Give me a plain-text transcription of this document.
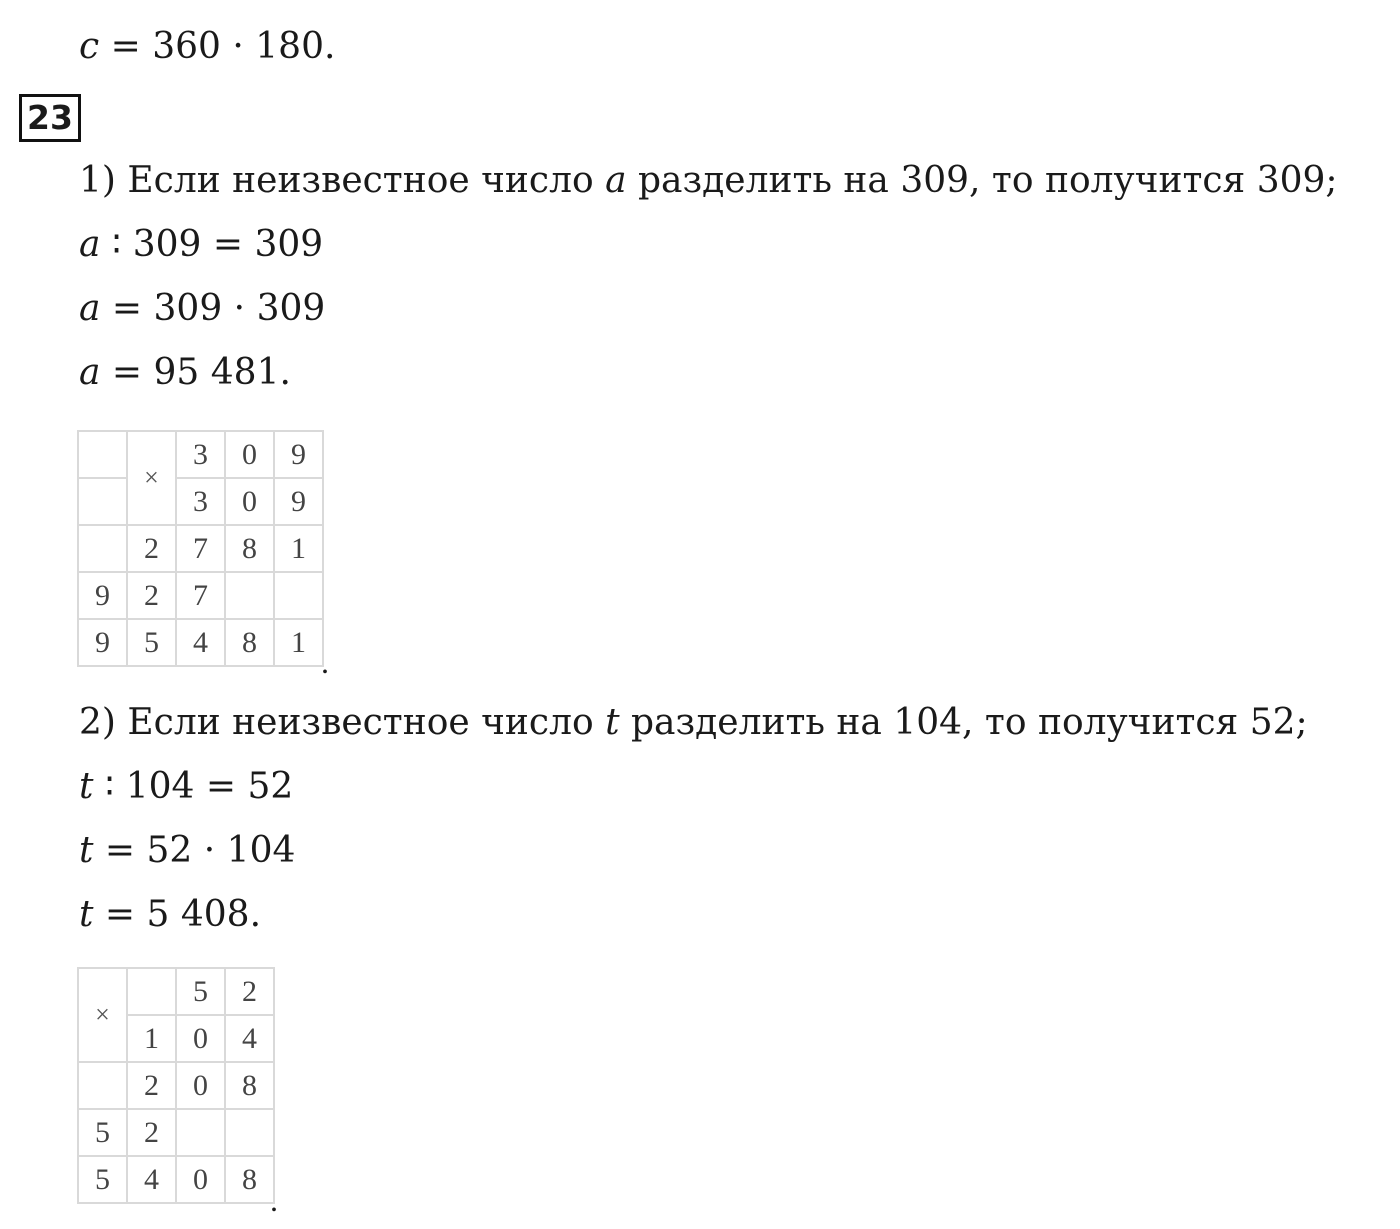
c = 360 · 180.
23
1) Если неизвестное число a разделить на 309, то получится 309;
a ∶ 309 = 309
a = 309 · 309
a = 95 481.
	×	3	0	9
		3	0	9
	2	7	8	1
9	2	7		
9	5	4	8	1
.
2) Если неизвестное число t разделить на 104, то получится 52;
t ∶ 104 = 52
t = 52 · 104
t = 5 408.
×		5	2
	1	0	4
	2	0	8
5	2		
5	4	0	8
.
